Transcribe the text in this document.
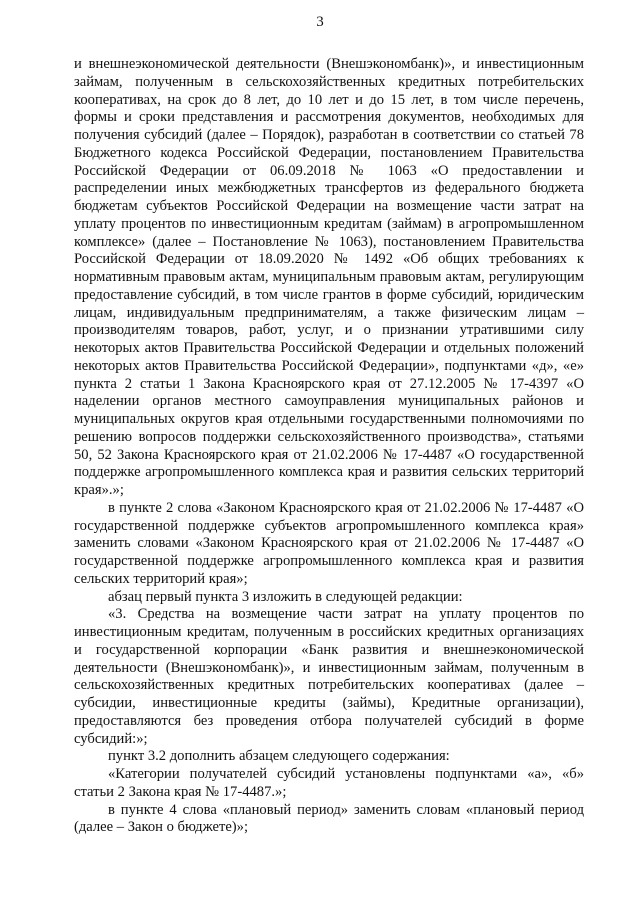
3

и внешнеэкономической деятельности (Внешэкономбанк)», и инвестиционным займам, полученным в сельскохозяйственных кредитных потребительских кооперативах, на срок до 8 лет, до 10 лет и до 15 лет, в том числе перечень, формы и сроки представления и рассмотрения документов, необходимых для получения субсидий (далее – Порядок), разработан в соответствии со статьей 78 Бюджетного кодекса Российской Федерации, постановлением Правительства Российской Федерации от 06.09.2018 № 1063 «О предоставлении и распределении иных межбюджетных трансфертов из федерального бюджета бюджетам субъектов Российской Федерации на возмещение части затрат на уплату процентов по инвестиционным кредитам (займам) в агропромышленном комплексе» (далее – Постановление № 1063), постановлением Правительства Российской Федерации от 18.09.2020 № 1492 «Об общих требованиях к нормативным правовым актам, муниципальным правовым актам, регулирующим предоставление субсидий, в том числе грантов в форме субсидий, юридическим лицам, индивидуальным предпринимателям, а также физическим лицам – производителям товаров, работ, услуг, и о признании утратившими силу некоторых актов Правительства Российской Федерации и отдельных положений некоторых актов Правительства Российской Федерации», подпунктами «д», «е» пункта 2 статьи 1 Закона Красноярского края от 27.12.2005 № 17-4397 «О наделении органов местного самоуправления муниципальных районов и муниципальных округов края отдельными государственными полномочиями по решению вопросов поддержки сельскохозяйственного производства», статьями 50, 52 Закона Красноярского края от 21.02.2006 № 17-4487 «О государственной поддержке агропромышленного комплекса края и развития сельских территорий края».»;

в пункте 2 слова «Законом Красноярского края от 21.02.2006 № 17-4487 «О государственной поддержке субъектов агропромышленного комплекса края» заменить словами «Законом Красноярского края от 21.02.2006 № 17-4487 «О государственной поддержке агропромышленного комплекса края и развития сельских территорий края»;

абзац первый пункта 3 изложить в следующей редакции:

«3. Средства на возмещение части затрат на уплату процентов по инвестиционным кредитам, полученным в российских кредитных организациях и государственной корпорации «Банк развития и внешнеэкономической деятельности (Внешэкономбанк)», и инвестиционным займам, полученным в сельскохозяйственных кредитных потребительских кооперативах (далее – субсидии, инвестиционные кредиты (займы), Кредитные организации), предоставляются без проведения отбора получателей субсидий в форме субсидий:»;

пункт 3.2 дополнить абзацем следующего содержания:

«Категории получателей субсидий установлены подпунктами «а», «б» статьи 2 Закона края № 17-4487.»;

в пункте 4 слова «плановый период» заменить словам «плановый период (далее – Закон о бюджете)»;
